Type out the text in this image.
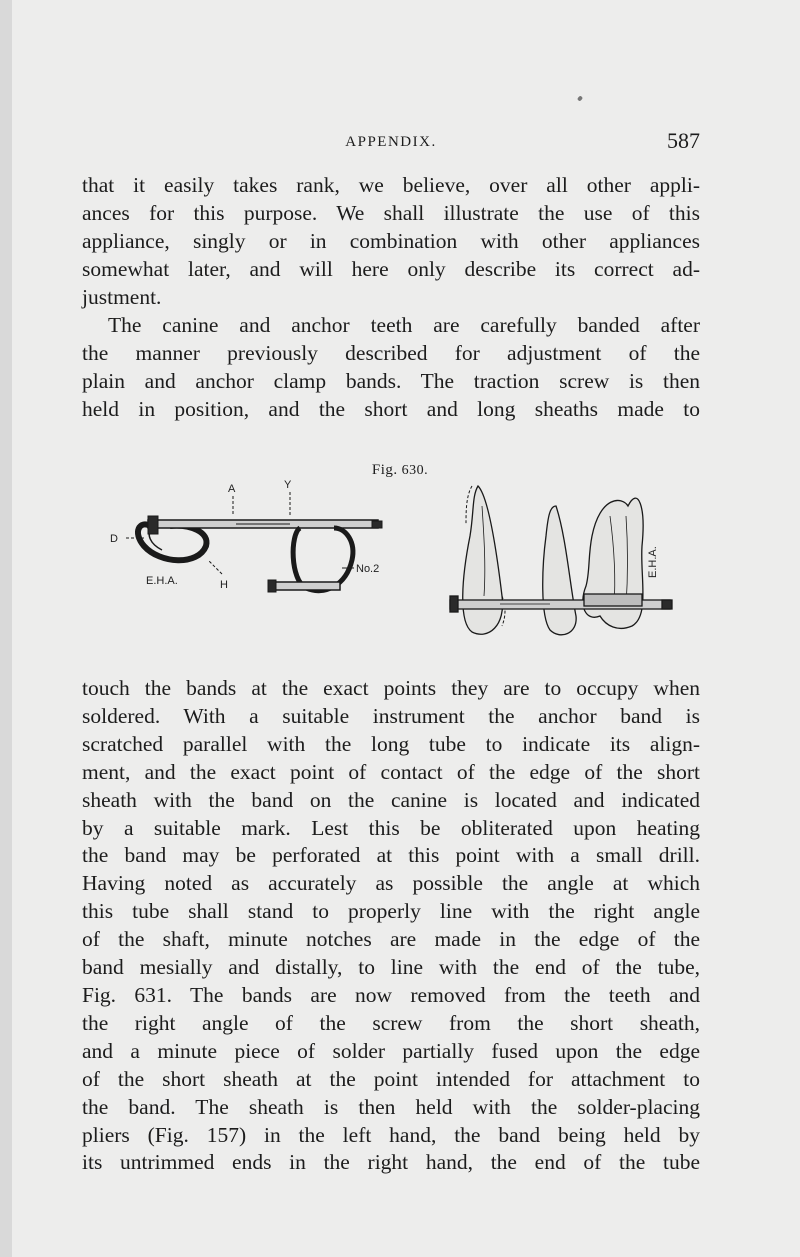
APPENDIX.	587

that it easily takes rank, we believe, over all other appli-
ances for this purpose. We shall illustrate the use of this
appliance, singly or in combination with other appliances
somewhat later, and will here only describe its correct ad-
justment.

The canine and anchor teeth are carefully banded after
the manner previously described for adjustment of the
plain and anchor clamp bands. The traction screw is then
held in position, and the short and long sheaths made to

Fig. 630.
A	Y
D
H
E.H.A.
No.2	E.H.A.

touch the bands at the exact points they are to occupy when
soldered. With a suitable instrument the anchor band is
scratched parallel with the long tube to indicate its align-
ment, and the exact point of contact of the edge of the short
sheath with the band on the canine is located and indicated
by a suitable mark. Lest this be obliterated upon heating
the band may be perforated at this point with a small drill.
Having noted as accurately as possible the angle at which
this tube shall stand to properly line with the right angle
of the shaft, minute notches are made in the edge of the
band mesially and distally, to line with the end of the tube,
Fig. 631. The bands are now removed from the teeth and
the right angle of the screw from the short sheath,
and a minute piece of solder partially fused upon the edge
of the short sheath at the point intended for attachment to
the band. The sheath is then held with the solder-placing
pliers (Fig. 157) in the left hand, the band being held by
its untrimmed ends in the right hand, the end of the tube
